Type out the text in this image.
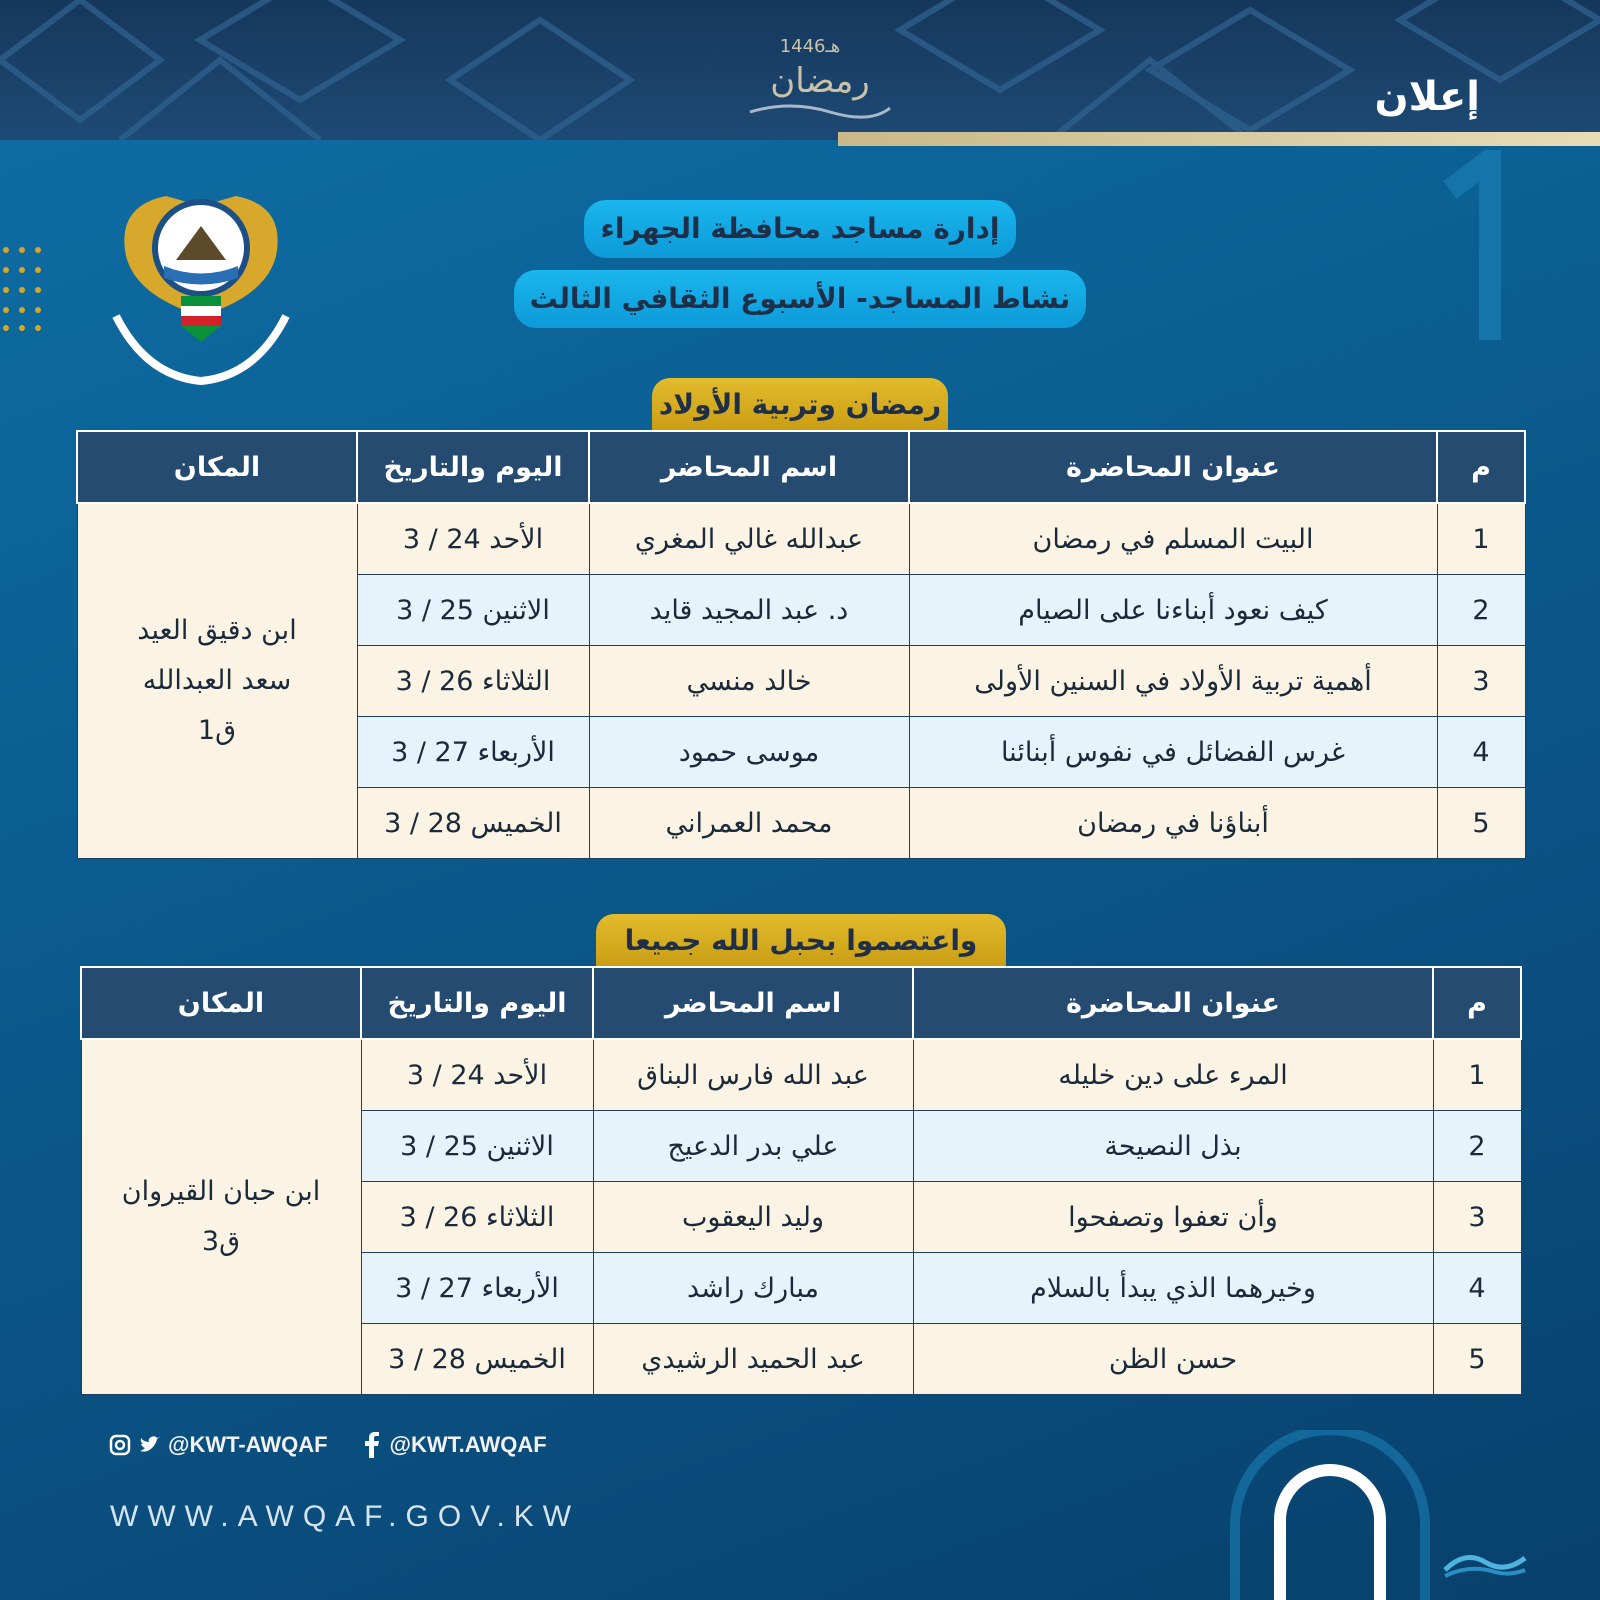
إعلان
1446هـ
رمضان
إدارة مساجد محافظة الجهراء
نشاط المساجد- الأسبوع الثقافي الثالث
رمضان وتربية الأولاد
م	عنوان المحاضرة	اسم المحاضر	اليوم والتاريخ	المكان
1	البيت المسلم في رمضان	عبدالله غالي المغري	الأحد 24 / 3	ابن دقيق العيد
سعد العبدالله
ق1

2	كيف نعود أبناءنا على الصيام	د. عبد المجيد قايد	الاثنين 25 / 3	
3	أهمية تربية الأولاد في السنين الأولى	خالد منسي	الثلاثاء 26 / 3	
4	غرس الفضائل في نفوس أبنائنا	موسى حمود	الأربعاء 27 / 3	
5	أبناؤنا في رمضان	محمد العمراني	الخميس 28 / 3	
واعتصموا بحبل الله جميعا
م	عنوان المحاضرة	اسم المحاضر	اليوم والتاريخ	المكان
1	المرء على دين خليله	عبد الله فارس البناق	الأحد 24 / 3	ابن حبان القيروان
ق3

2	بذل النصيحة	علي بدر الدعيج	الاثنين 25 / 3	
3	وأن تعفوا وتصفحوا	وليد اليعقوب	الثلاثاء 26 / 3	
4	وخيرهما الذي يبدأ بالسلام	مبارك راشد	الأربعاء 27 / 3	
5	حسن الظن	عبد الحميد الرشيدي	الخميس 28 / 3	
@KWT-AWQAF	@KWT.AWQAF
WWW.AWQAF.GOV.KW
